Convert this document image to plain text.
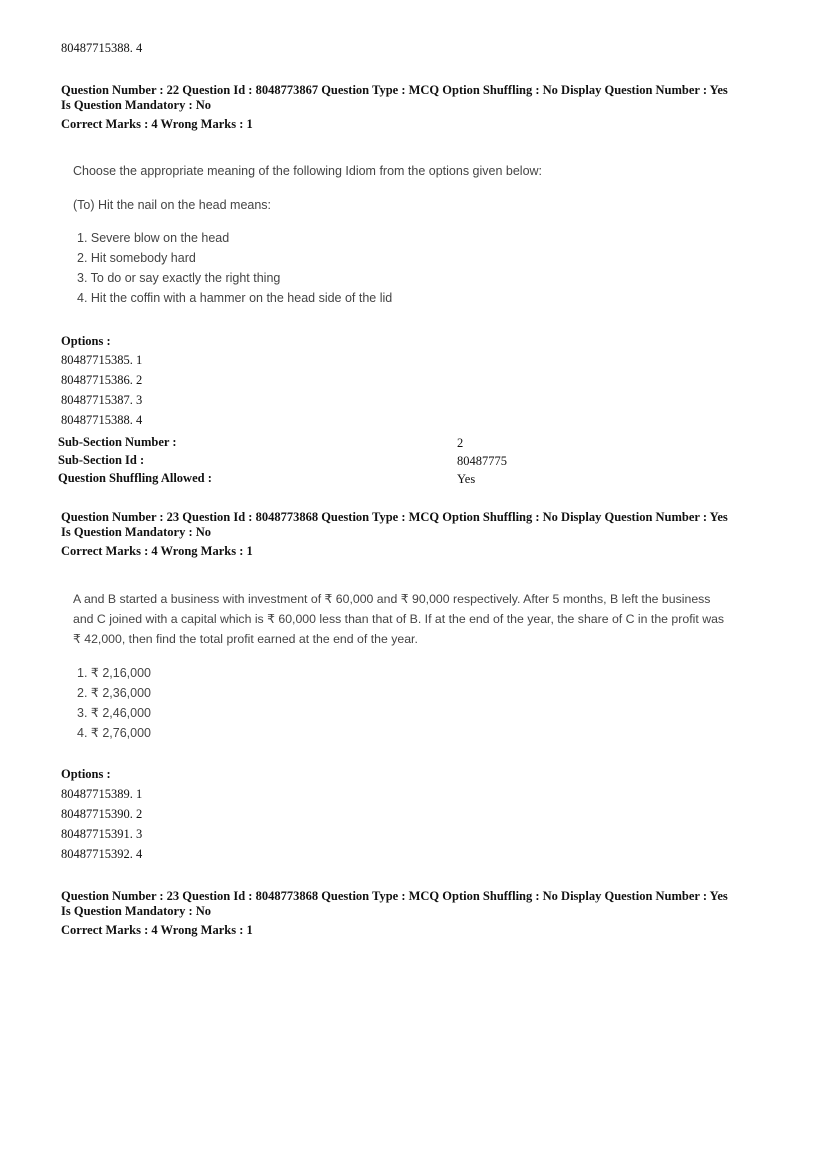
80487715388. 4
Question Number : 22 Question Id : 8048773867 Question Type : MCQ Option Shuffling : No Display Question Number : Yes
Is Question Mandatory : No
Correct Marks : 4 Wrong Marks : 1
Choose the appropriate meaning of the following Idiom from the options given below:
(To) Hit the nail on the head means:
1. Severe blow on the head
2. Hit somebody hard
3. To do or say exactly the right thing
4. Hit the coffin with a hammer on the head side of the lid
Options :
80487715385. 1
80487715386. 2
80487715387. 3
80487715388. 4
Sub-Section Number :	2
Sub-Section Id :	80487775
Question Shuffling Allowed :	Yes
Question Number : 23 Question Id : 8048773868 Question Type : MCQ Option Shuffling : No Display Question Number : Yes
Is Question Mandatory : No
Correct Marks : 4 Wrong Marks : 1
A and B started a business with investment of ₹ 60,000 and ₹ 90,000 respectively. After 5 months, B left the business
and C joined with a capital which is ₹ 60,000 less than that of B. If at the end of the year, the share of C in the profit was
₹ 42,000, then find the total profit earned at the end of the year.
1. ₹ 2,16,000
2. ₹ 2,36,000
3. ₹ 2,46,000
4. ₹ 2,76,000
Options :
80487715389. 1
80487715390. 2
80487715391. 3
80487715392. 4
Question Number : 23 Question Id : 8048773868 Question Type : MCQ Option Shuffling : No Display Question Number : Yes
Is Question Mandatory : No
Correct Marks : 4 Wrong Marks : 1
